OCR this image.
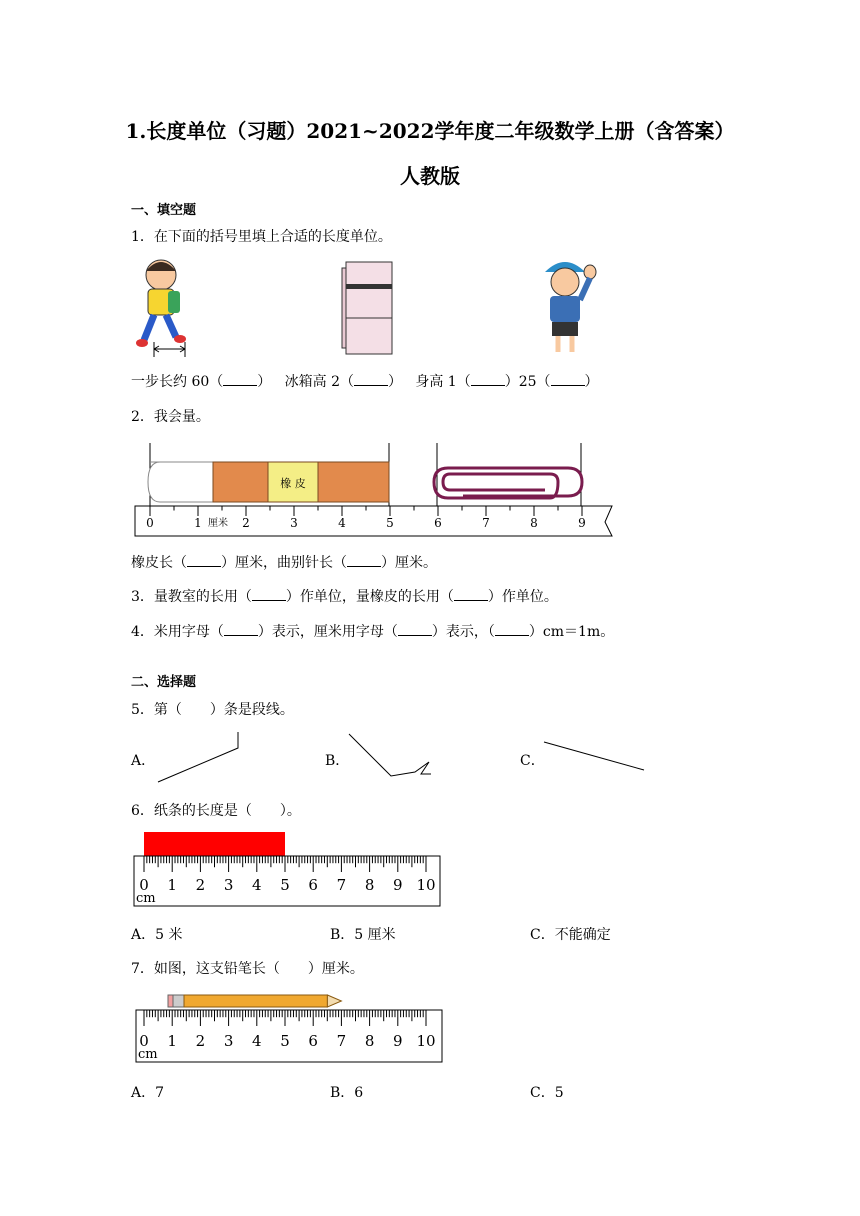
1.长度单位（习题）2021~2022学年度二年级数学上册（含答案）
人教版
一、填空题
1．在下面的括号里填上合适的长度单位。
一步长约 60（ ） 冰箱高 2（ ） 身高 1（ ）25（ ）
2．我会量。
橡 皮
0	1	2	3	4	5	6	7	8	9
厘米
橡皮长（ ）厘米，曲别针长（ ）厘米。
3．量教室的长用（ ）作单位，量橡皮的长用（ ）作单位。
4．米用字母（ ）表示，厘米用字母（ ）表示，（ ）cm＝1m。
二、选择题
5．第（　　）条是段线。
A．	B．	C．
6．纸条的长度是（　　）。
0 1 2 3 4 5 6 7 8 9 10
cm
A．5 米	B．5 厘米	C．不能确定
7．如图，这支铅笔长（　　）厘米。
0 1 2 3 4 5 6 7 8 9 10
cm
A．7	B．6	C．5
